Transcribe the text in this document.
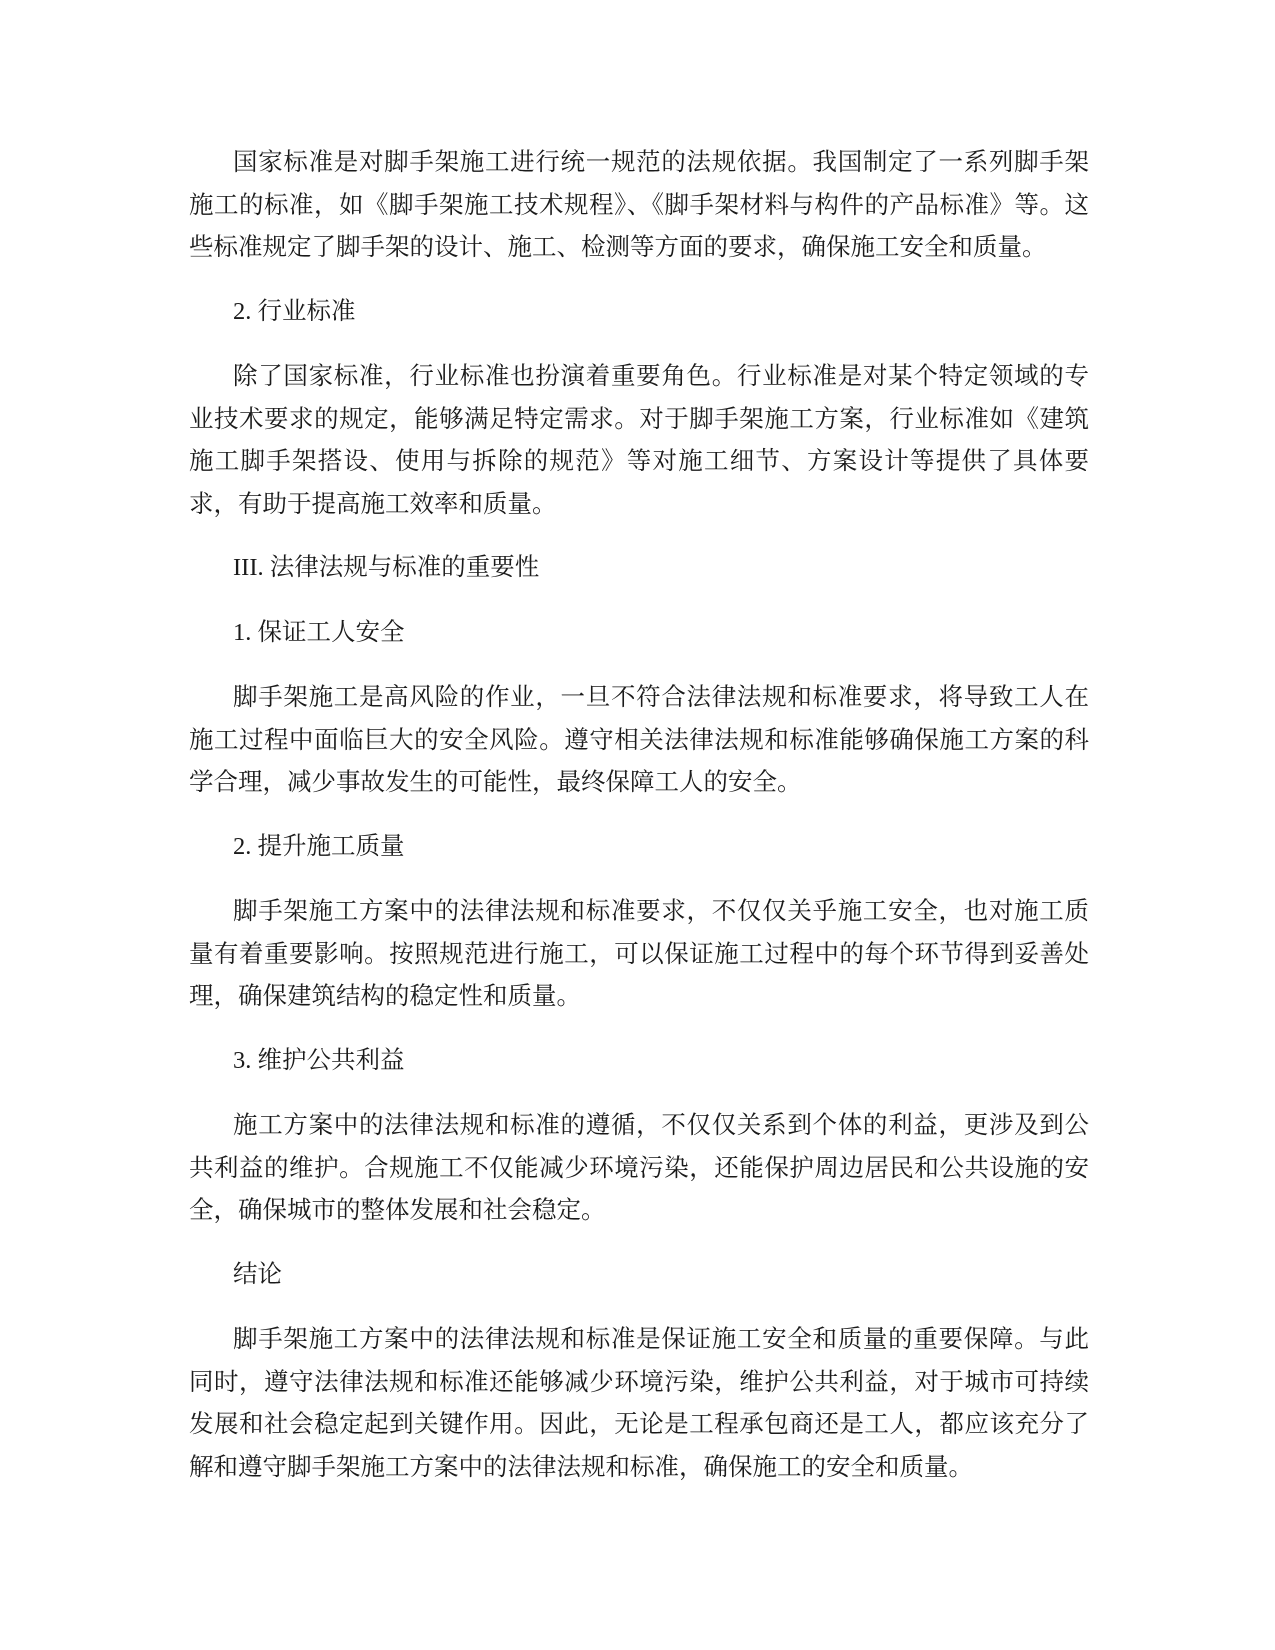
国家标准是对脚手架施工进行统一规范的法规依据。我国制定了一系列脚手架施工的标准，如《脚手架施工技术规程》、《脚手架材料与构件的产品标准》等。这些标准规定了脚手架的设计、施工、检测等方面的要求，确保施工安全和质量。

2. 行业标准

除了国家标准，行业标准也扮演着重要角色。行业标准是对某个特定领域的专业技术要求的规定，能够满足特定需求。对于脚手架施工方案，行业标准如《建筑施工脚手架搭设、使用与拆除的规范》等对施工细节、方案设计等提供了具体要求，有助于提高施工效率和质量。

III. 法律法规与标准的重要性

1. 保证工人安全

脚手架施工是高风险的作业，一旦不符合法律法规和标准要求，将导致工人在施工过程中面临巨大的安全风险。遵守相关法律法规和标准能够确保施工方案的科学合理，减少事故发生的可能性，最终保障工人的安全。

2. 提升施工质量

脚手架施工方案中的法律法规和标准要求，不仅仅关乎施工安全，也对施工质量有着重要影响。按照规范进行施工，可以保证施工过程中的每个环节得到妥善处理，确保建筑结构的稳定性和质量。

3. 维护公共利益

施工方案中的法律法规和标准的遵循，不仅仅关系到个体的利益，更涉及到公共利益的维护。合规施工不仅能减少环境污染，还能保护周边居民和公共设施的安全，确保城市的整体发展和社会稳定。

结论

脚手架施工方案中的法律法规和标准是保证施工安全和质量的重要保障。与此同时，遵守法律法规和标准还能够减少环境污染，维护公共利益，对于城市可持续发展和社会稳定起到关键作用。因此，无论是工程承包商还是工人，都应该充分了解和遵守脚手架施工方案中的法律法规和标准，确保施工的安全和质量。
